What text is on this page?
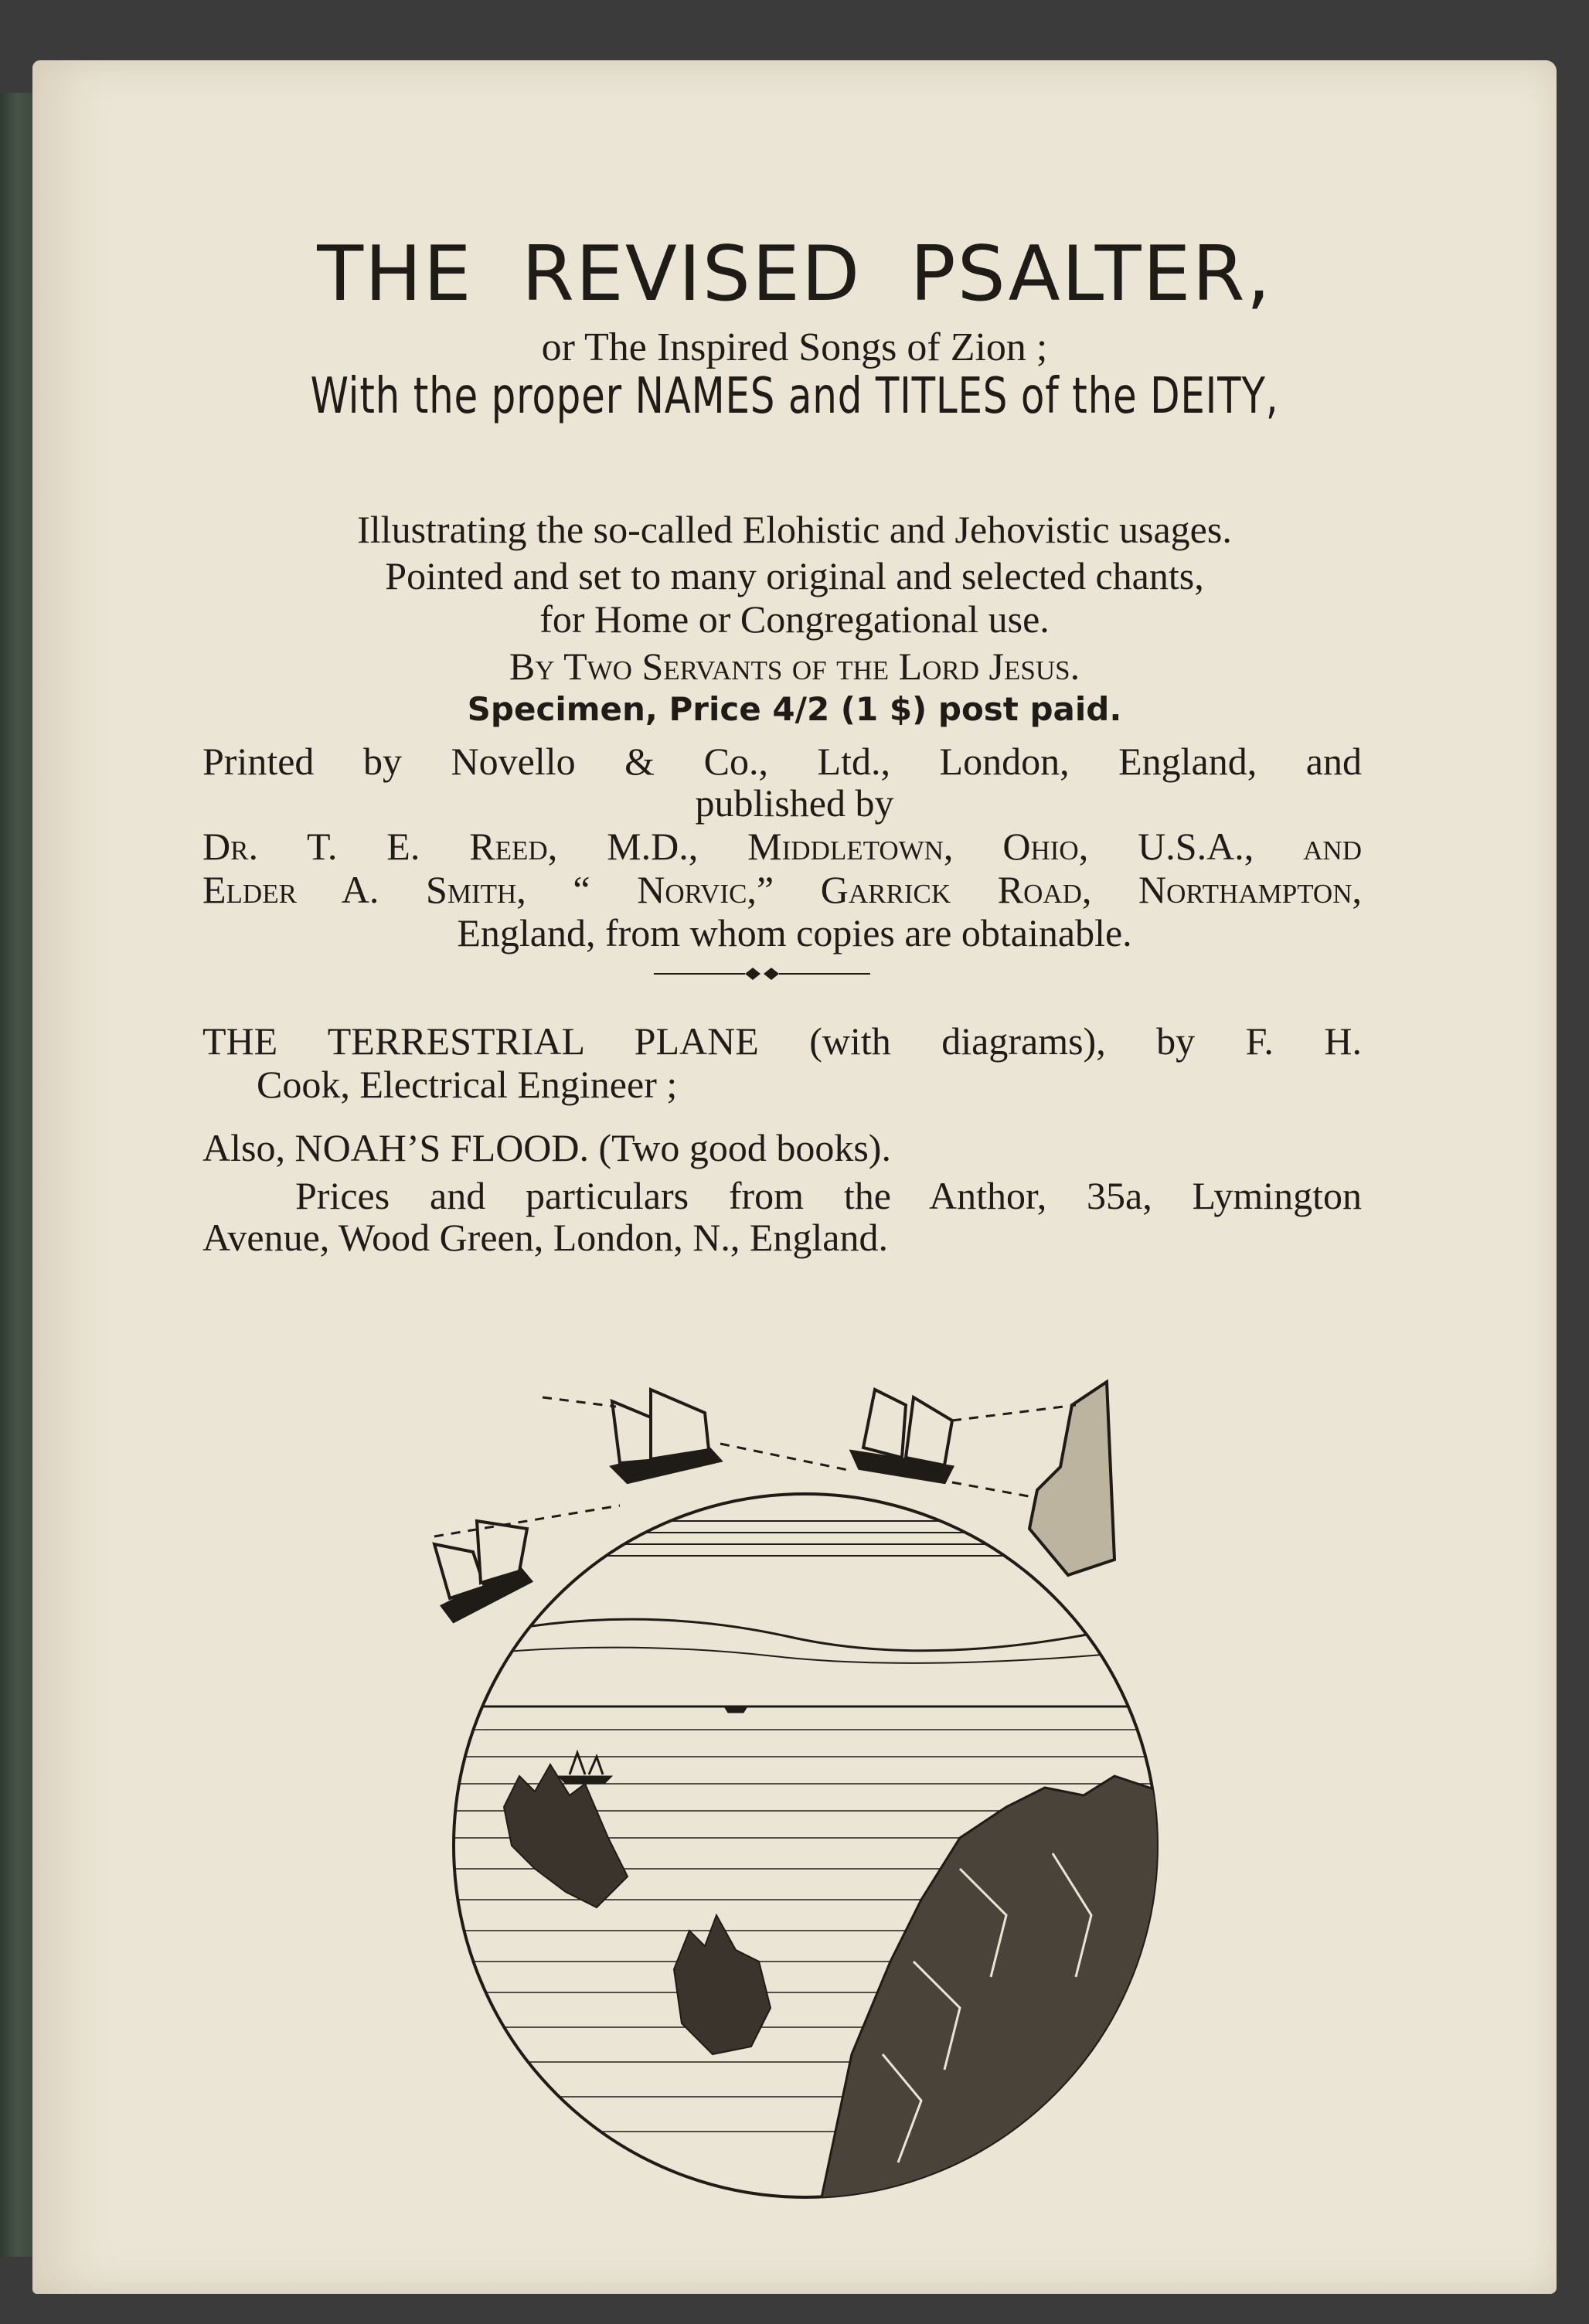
THE REVISED PSALTER,

or The Inspired Songs of Zion ;

With the proper NAMES and TITLES of the DEITY,

Illustrating the so-called Elohistic and Jehovistic usages.

Pointed and set to many original and selected chants,

for Home or Congregational use.

By Two Servants of the Lord Jesus.

Specimen, Price 4/2 (1 $) post paid.

Printed by Novello & Co., Ltd., London, England, and

published by

Dr. T. E. Reed, M.D., Middletown, Ohio, U.S.A., and

Elder A. Smith, “ Norvic,” Garrick Road, Northampton,

England, from whom copies are obtainable.

THE TERRESTRIAL PLANE (with diagrams), by F. H.

Cook, Electrical Engineer ;

Also, NOAH’S FLOOD. (Two good books).

Prices and particulars from the Anthor, 35a, Lymington

Avenue, Wood Green, London, N., England.
